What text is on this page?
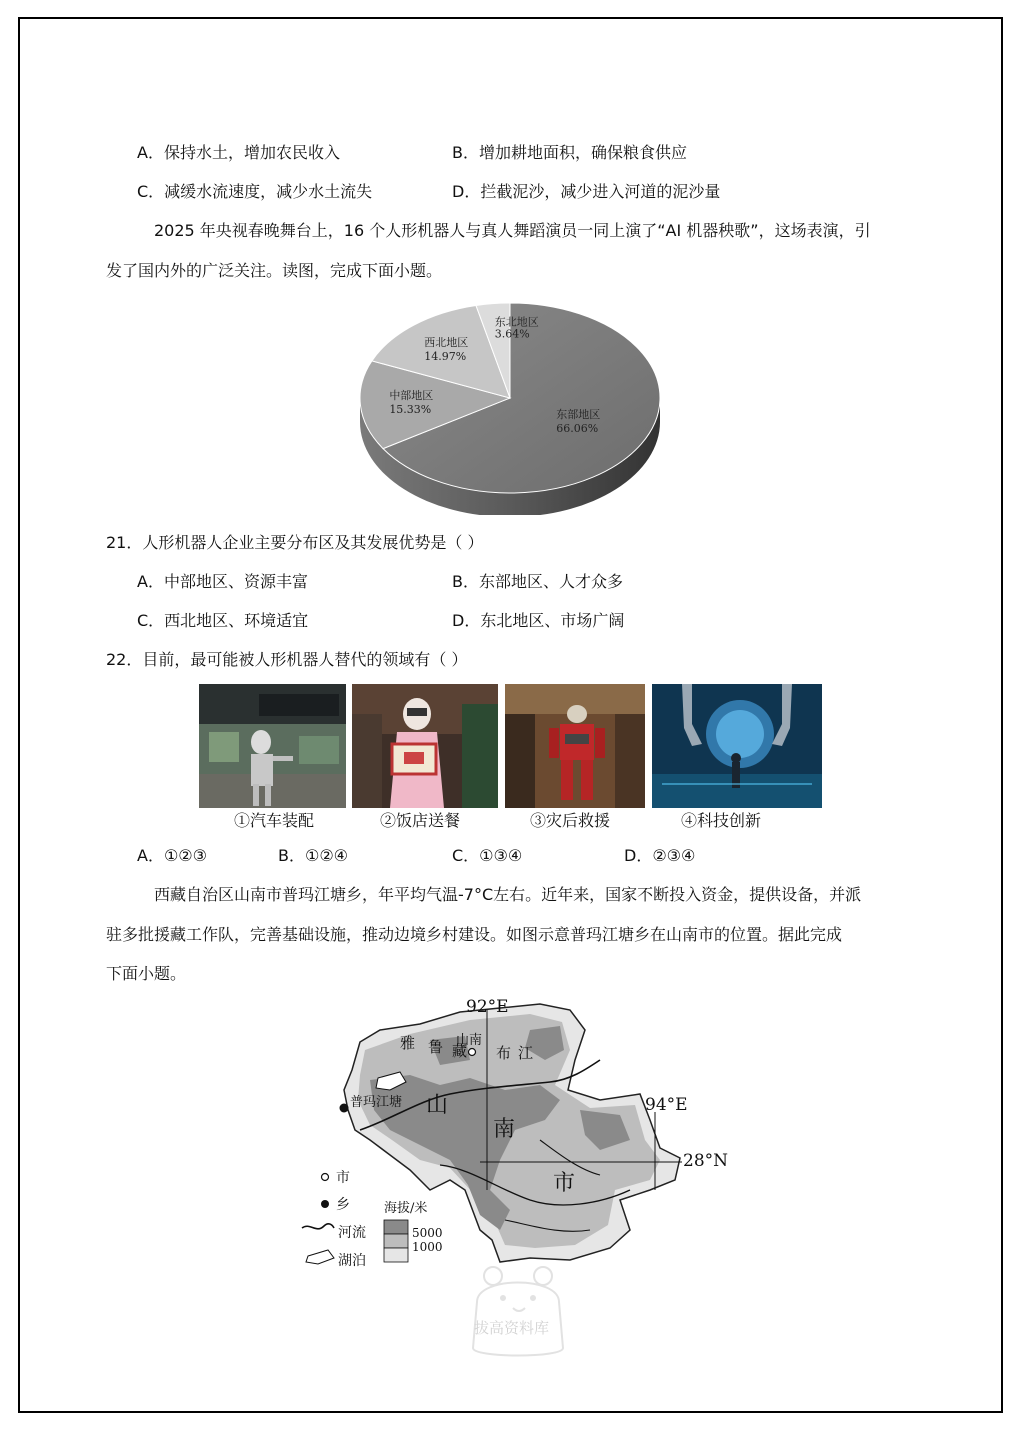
A．保持水土，增加农民收入	B．增加耕地面积，确保粮食供应
C．减缓水流速度，减少水土流失	D．拦截泥沙，减少进入河道的泥沙量
2025 年央视春晚舞台上，16 个人形机器人与真人舞蹈演员一同上演了“AI 机器秧歌”，这场表演，引
发了国内外的广泛关注。读图，完成下面小题。
东部地区
66.06%
中部地区
15.33%
西北地区
14.97%
东北地区
3.64%
21．人形机器人企业主要分布区及其发展优势是（ ）
A．中部地区、资源丰富	B．东部地区、人才众多
C．西北地区、环境适宜	D．东北地区、市场广阔
22．目前，最可能被人形机器人替代的领域有（ ）
①汽车装配	②饭店送餐	③灾后救援	④科技创新
A．①②③	B．①②④	C．①③④	D．②③④
西藏自治区山南市普玛江塘乡，年平均气温-7°C左右。近年来，国家不断投入资金，提供设备，并派
驻多批援藏工作队，完善基础设施，推动边境乡村建设。如图示意普玛江塘乡在山南市的位置。据此完成
下面小题。
92°E
94°E
28°N
山南
雅 鲁 藏 布 江
普玛江塘 山
南
市
市
乡
河流
湖泊
海拔/米
5000
1000
拔高资料库
